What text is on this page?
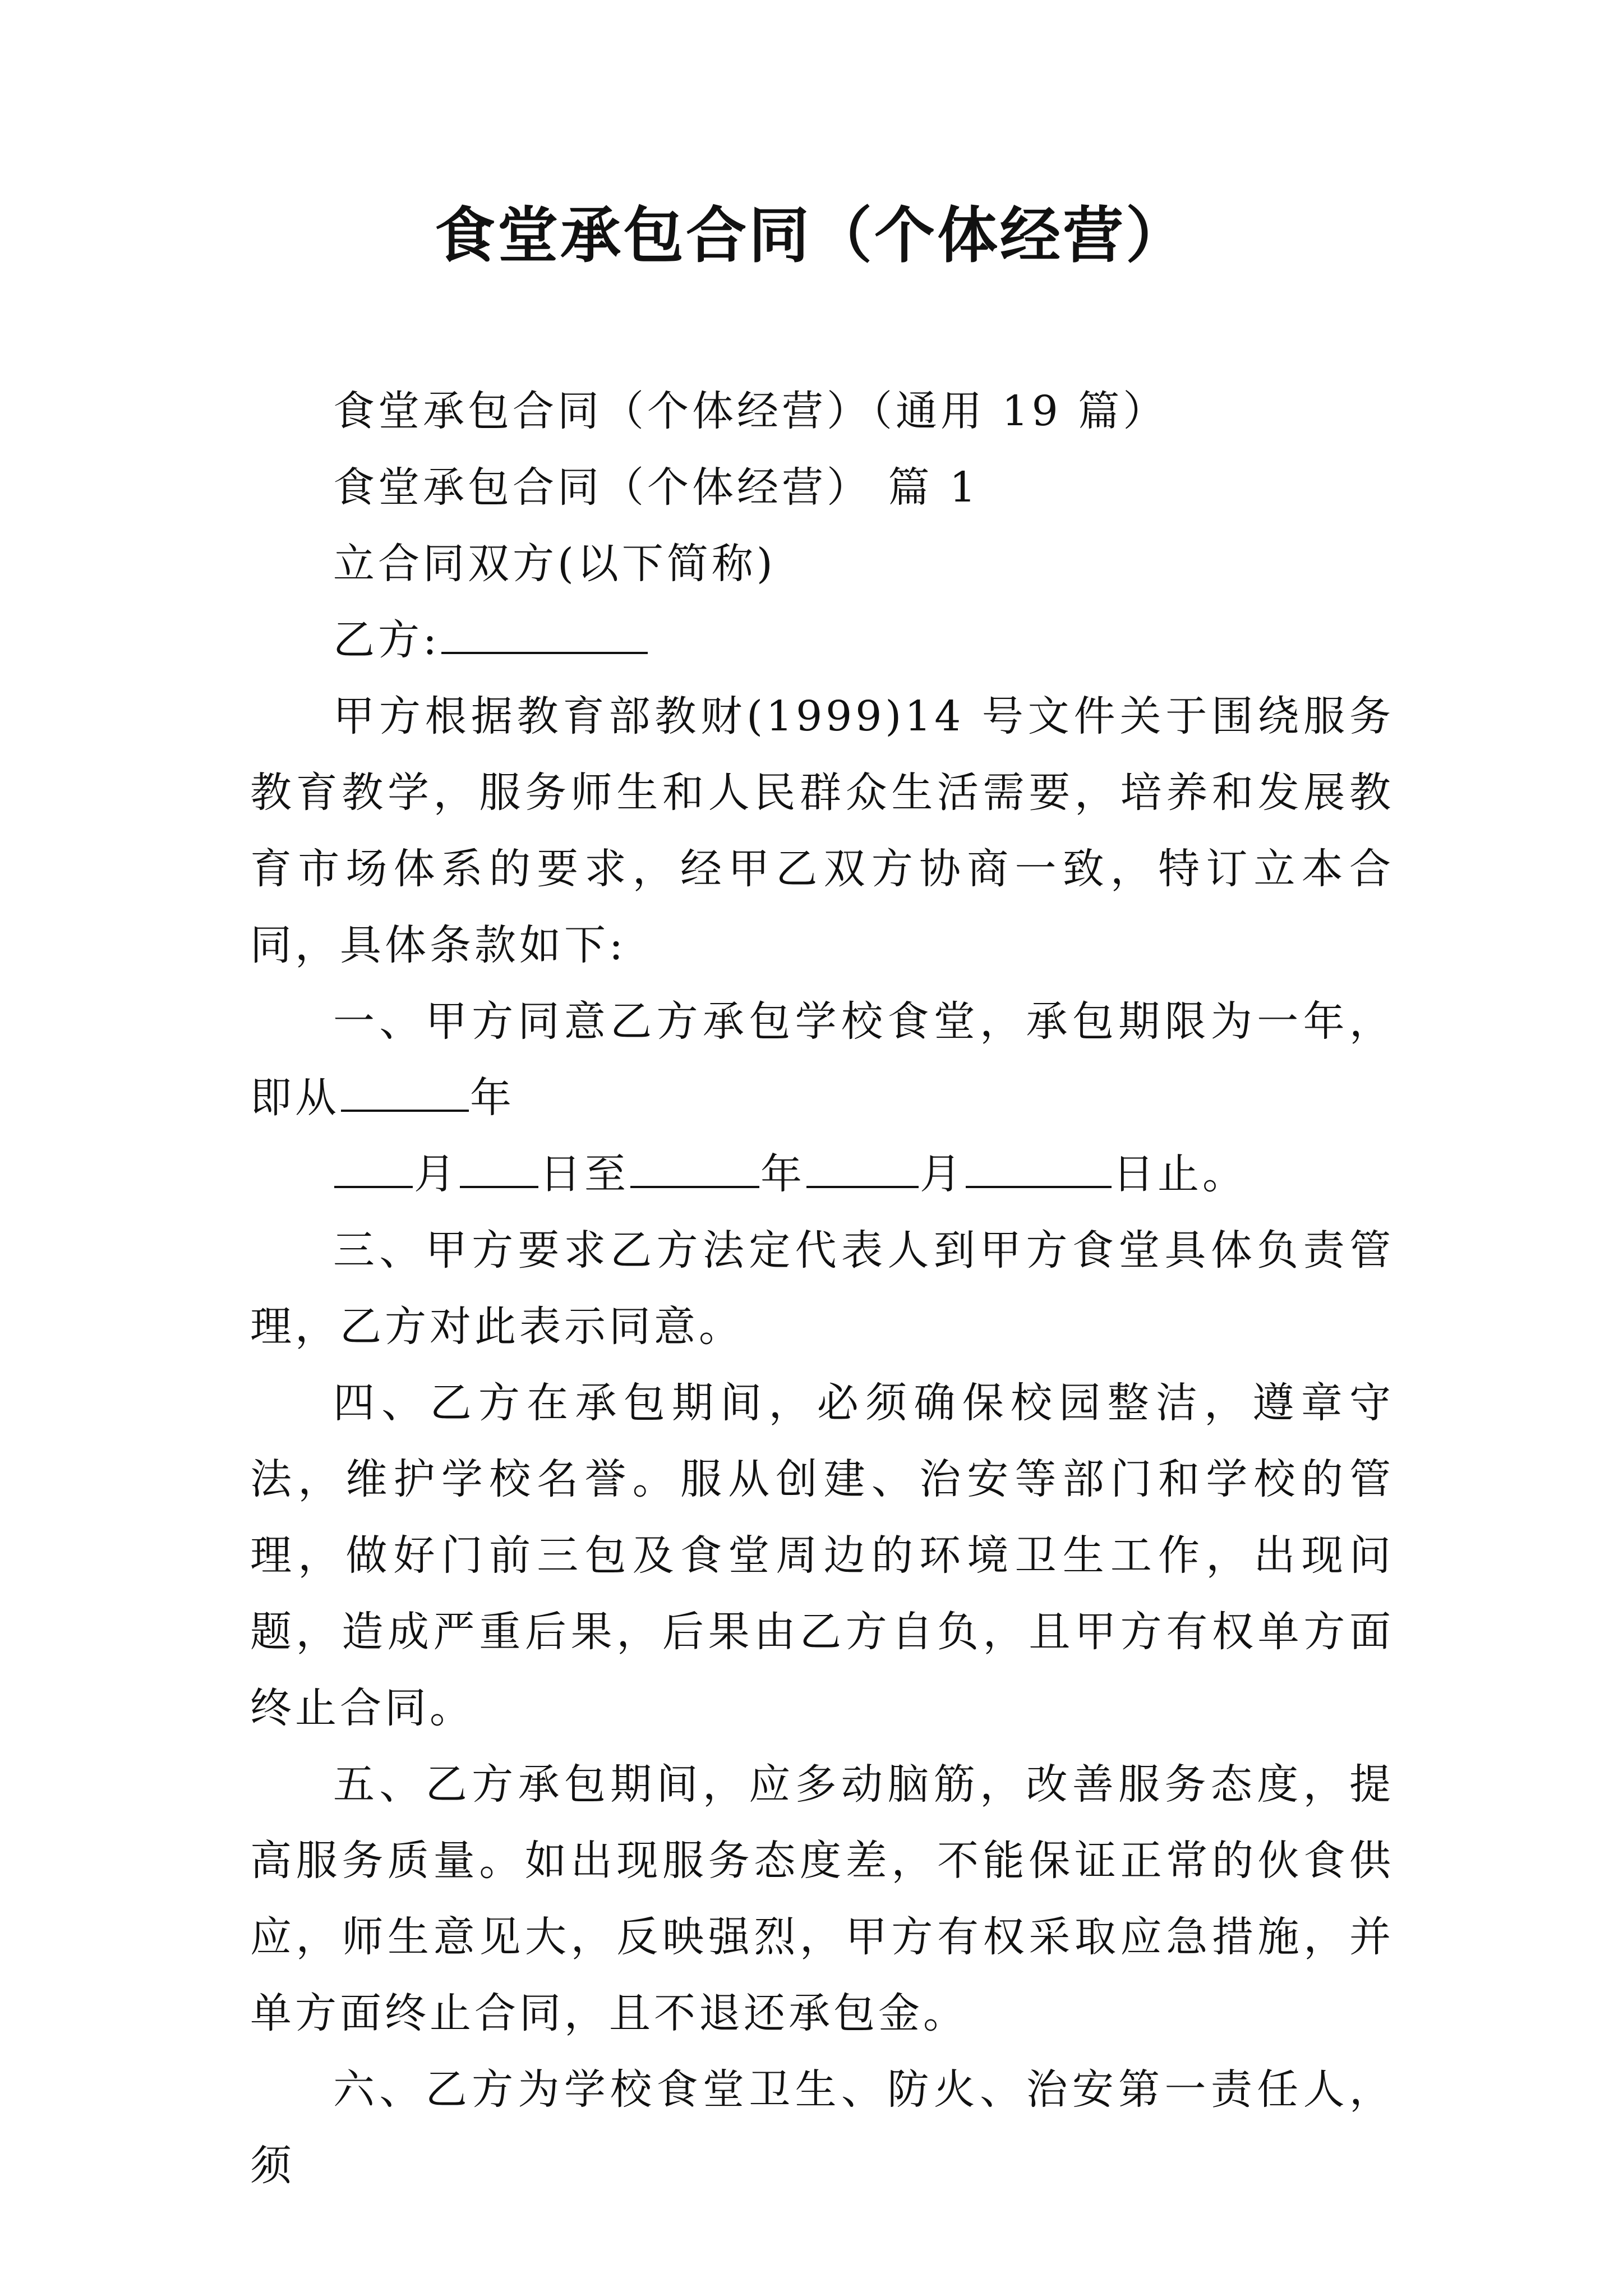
食堂承包合同（个体经营）

食堂承包合同（个体经营）（通用 19 篇）

食堂承包合同（个体经营） 篇 1

立合同双方(以下简称)

乙方:

甲方根据教育部教财(1999)14 号文件关于围绕服务教育教学，服务师生和人民群众生活需要，培养和发展教育市场体系的要求，经甲乙双方协商一致，特订立本合同，具体条款如下:

一、甲方同意乙方承包学校食堂，承包期限为一年，即从	年

月 日至	年	月	日止。

三、甲方要求乙方法定代表人到甲方食堂具体负责管理，乙方对此表示同意。

四、乙方在承包期间，必须确保校园整洁，遵章守法，维护学校名誉。服从创建、治安等部门和学校的管理，做好门前三包及食堂周边的环境卫生工作，出现问题，造成严重后果，后果由乙方自负，且甲方有权单方面终止合同。

五、乙方承包期间，应多动脑筋，改善服务态度，提高服务质量。如出现服务态度差，不能保证正常的伙食供应，师生意见大，反映强烈，甲方有权采取应急措施，并单方面终止合同，且不退还承包金。

六、乙方为学校食堂卫生、防火、治安第一责任人，须
